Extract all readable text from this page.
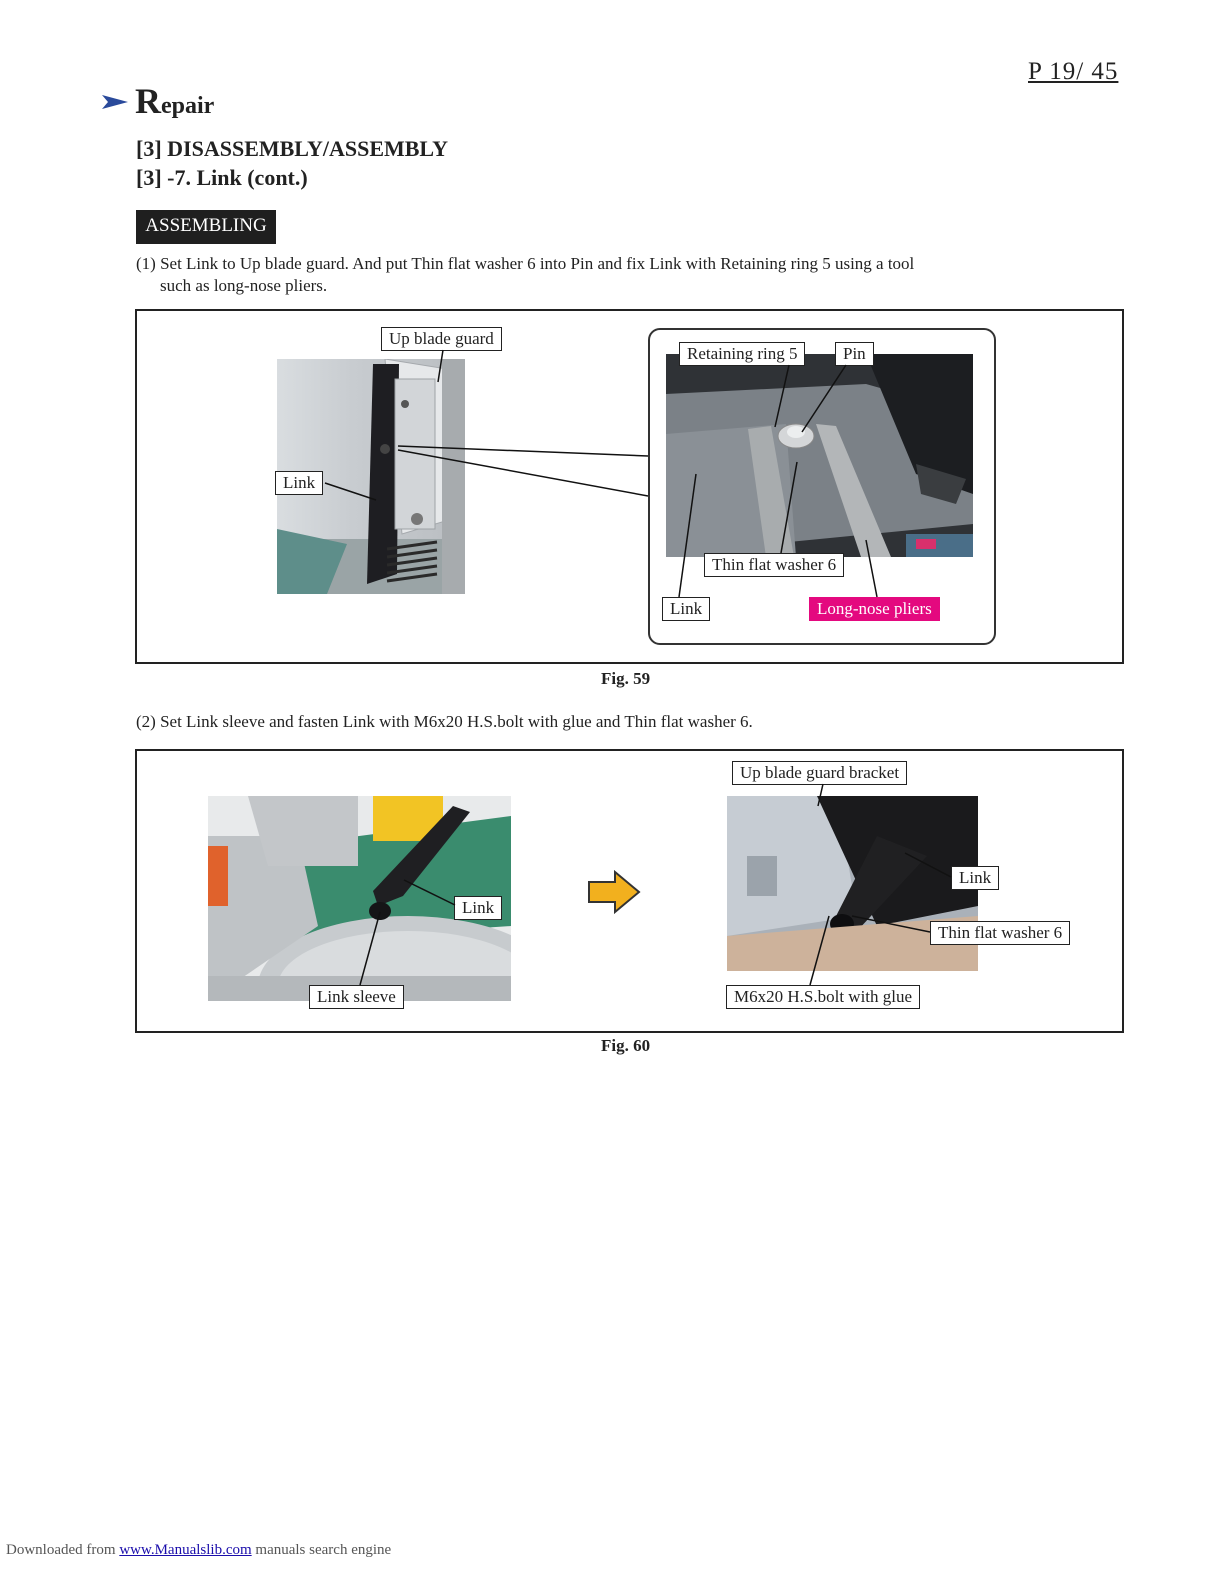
P 19/ 45
Repair
[3] DISASSEMBLY/ASSEMBLY
[3] -7. Link (cont.)
ASSEMBLING
(1) Set Link to Up blade guard. And put Thin flat washer 6 into Pin and fix Link with Retaining ring 5 using a tool
such as long-nose pliers.
Up blade guard
Link
Retaining ring 5	Pin
Thin flat washer 6
Link	Long-nose pliers
Fig. 59
(2) Set Link sleeve and fasten Link with M6x20 H.S.bolt with glue and Thin flat washer 6.
Link
Link sleeve
Up blade guard bracket
Link
Thin flat washer 6
M6x20 H.S.bolt with glue
Fig. 60
Downloaded from www.Manualslib.com manuals search engine
